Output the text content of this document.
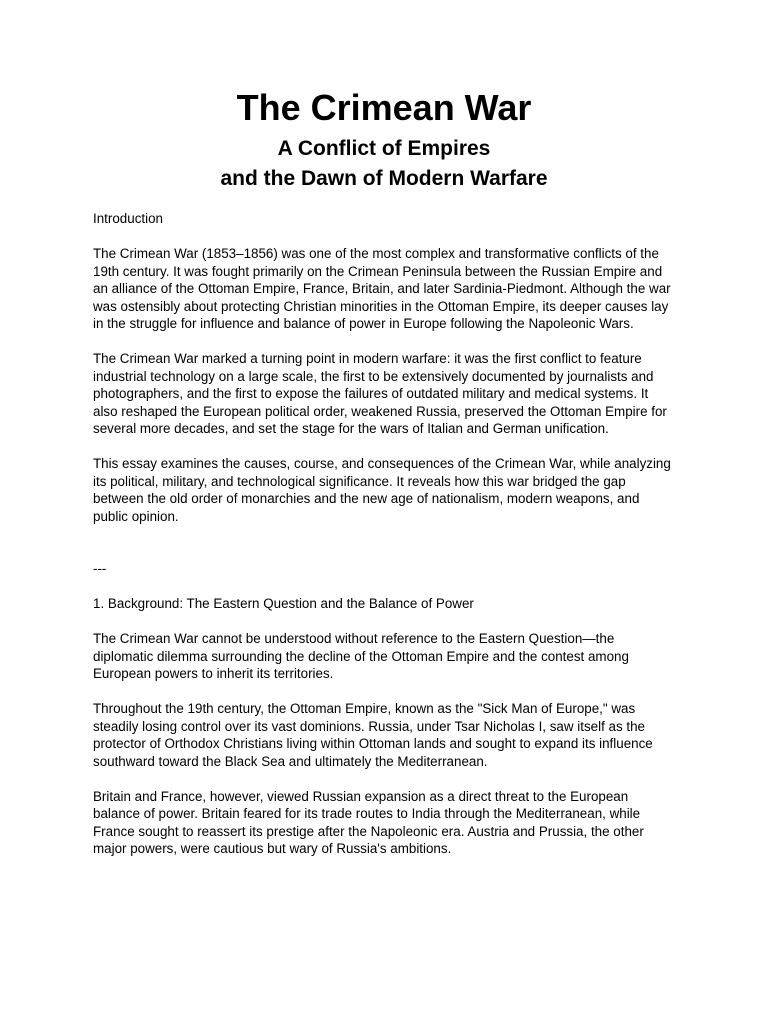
The Crimean War
A Conflict of Empires
and the Dawn of Modern Warfare

Introduction

The Crimean War (1853–1856) was one of the most complex and transformative conflicts of the 19th century. It was fought primarily on the Crimean Peninsula between the Russian Empire and an alliance of the Ottoman Empire, France, Britain, and later Sardinia-Piedmont. Although the war was ostensibly about protecting Christian minorities in the Ottoman Empire, its deeper causes lay in the struggle for influence and balance of power in Europe following the Napoleonic Wars.

The Crimean War marked a turning point in modern warfare: it was the first conflict to feature industrial technology on a large scale, the first to be extensively documented by journalists and photographers, and the first to expose the failures of outdated military and medical systems. It also reshaped the European political order, weakened Russia, preserved the Ottoman Empire for several more decades, and set the stage for the wars of Italian and German unification.

This essay examines the causes, course, and consequences of the Crimean War, while analyzing its political, military, and technological significance. It reveals how this war bridged the gap between the old order of monarchies and the new age of nationalism, modern weapons, and public opinion.

---

1. Background: The Eastern Question and the Balance of Power

The Crimean War cannot be understood without reference to the Eastern Question—the diplomatic dilemma surrounding the decline of the Ottoman Empire and the contest among European powers to inherit its territories.

Throughout the 19th century, the Ottoman Empire, known as the "Sick Man of Europe," was steadily losing control over its vast dominions. Russia, under Tsar Nicholas I, saw itself as the protector of Orthodox Christians living within Ottoman lands and sought to expand its influence southward toward the Black Sea and ultimately the Mediterranean.

Britain and France, however, viewed Russian expansion as a direct threat to the European balance of power. Britain feared for its trade routes to India through the Mediterranean, while France sought to reassert its prestige after the Napoleonic era. Austria and Prussia, the other major powers, were cautious but wary of Russia's ambitions.
